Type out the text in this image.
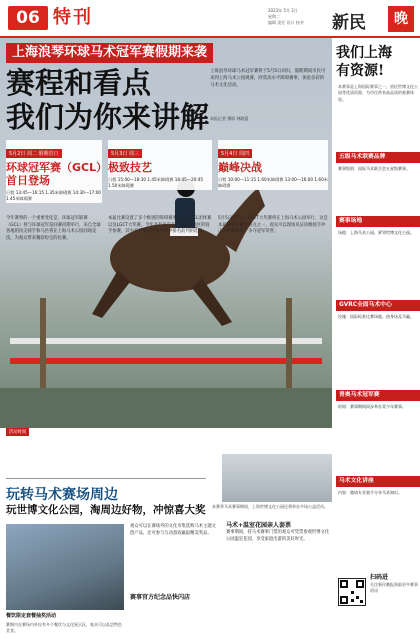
06 特刊	2023年 5月 2日
星期二
编辑 责任 设计 校对	新民	晚
上海浪琴环球马术冠军赛假期来袭
赛程和看点
我们为你来讲解
上海浪琴环球马术冠军赛将于5月5日回归，假期期间市民可来到上海马术公园观赛，欣赏高水平障碍赛事，体验多彩的马术文化活动。
本报记者 摄影 林晓蕾
5月2日 周二 假期首日
环球冠军赛（GCL）首日登场
日程 13:45—16:15 1.35米障碍赛 14:30—17:00 1.45米障碍赛
5月3日 周三
极致技艺
日程 15:00—18:30 1.45米障碍赛 18:45—20:45 1.50米障碍赛
5月4日 周四
巅峰决战
日程 10:00—11:15 1.60米障碍赛 13:00—16:00 1.60米障碍赛
今年赛事的一个重要变化是，环球冠军联赛（GCL）将与环球冠军巡回赛同期举行，来自全球各地的顶尖骑手和马匹将在上海马术公园同场竞技，为观众带来精彩纷呈的比赛。
本届比赛设置了多个级别的障碍赛事，包括GCL团体赛以及LGCT大奖赛。今年共有来自多个国家和地区的骑手参赛，其中不乏奥运冠军与世界排名前列的选手。
5月5日至7日，LGCT大奖赛将在上海马术公园举行，这是本届赛事的最大看点之一。观众可以现场见证顶级骑手冲击高难度障碍，争夺冠军荣誉。
活动时间
玩转马术赛场周边
玩世博文化公园，淘周边好物，冲惊喜大奖
餐饮限定套餐抽奖活动
赛期内在赛场内外设有多个餐饮与文化展示区，观众可以品尝特色美食。
观众可以在赛场外的文化市集选购马术主题文创产品，还可参与互动游戏赢取精美奖品。
赛事官方纪念品快闪店
本赛季马术赛事期间，上海世博文化公园还将举办多场公益活动。
马术+温室花园亲人套票
赛事期间，持马术赛事门票的观众可凭票参观世博文化公园温室花园，享受家庭出游的美好时光。
我们上海
有资源!
本赛事是上海国际赛事之一，依托世博文化公园等优质资源，为市民带来高品质的观赛体验。
五级马术联赛品牌
赛事级别：国际马术联合会五星级赛事。
赛事场地
场地：上海马术公园，紧邻世博文化公园。
GVRC全面马术中心
设施：国际标准比赛场地、热身场及马厩。
青奥马术冠军赛
时间：赛事期间同步举办青少年赛事。
马术文化讲座
内容：邀请专业骑手分享马术知识。
扫码进
关注新民晚报获取更多赛事资讯
